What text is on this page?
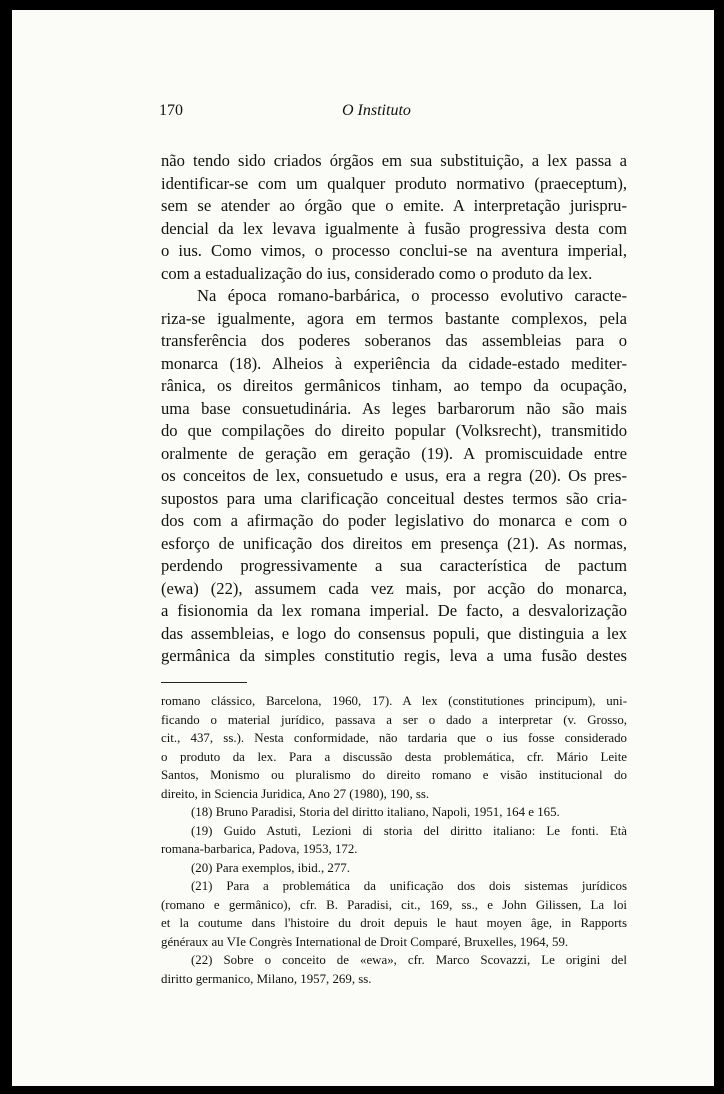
170	O Instituto
não tendo sido criados órgãos em sua substituição, a lex passa a
identificar-se com um qualquer produto normativo (praeceptum),
sem se atender ao órgão que o emite. A interpretação jurispru-
dencial da lex levava igualmente à fusão progressiva desta com
o ius. Como vimos, o processo conclui-se na aventura imperial,
com a estadualização do ius, considerado como o produto da lex.
Na época romano-barbárica, o processo evolutivo caracte-
riza-se igualmente, agora em termos bastante complexos, pela
transferência dos poderes soberanos das assembleias para o
monarca (18). Alheios à experiência da cidade-estado mediter-
rânica, os direitos germânicos tinham, ao tempo da ocupação,
uma base consuetudinária. As leges barbarorum não são mais
do que compilações do direito popular (Volksrecht), transmitido
oralmente de geração em geração (19). A promiscuidade entre
os conceitos de lex, consuetudo e usus, era a regra (20). Os pres-
supostos para uma clarificação conceitual destes termos são cria-
dos com a afirmação do poder legislativo do monarca e com o
esforço de unificação dos direitos em presença (21). As normas,
perdendo progressivamente a sua característica de pactum
(ewa) (22), assumem cada vez mais, por acção do monarca,
a fisionomia da lex romana imperial. De facto, a desvalorização
das assembleias, e logo do consensus populi, que distinguia a lex
germânica da simples constitutio regis, leva a uma fusão destes
romano clássico, Barcelona, 1960, 17). A lex (constitutiones principum), uni-
ficando o material jurídico, passava a ser o dado a interpretar (v. Grosso,
cit., 437, ss.). Nesta conformidade, não tardaria que o ius fosse considerado
o produto da lex. Para a discussão desta problemática, cfr. Mário Leite
Santos, Monismo ou pluralismo do direito romano e visão institucional do
direito, in Sciencia Juridica, Ano 27 (1980), 190, ss.
(18) Bruno Paradisi, Storia del diritto italiano, Napoli, 1951, 164 e 165.
(19) Guido Astuti, Lezioni di storia del diritto italiano: Le fonti. Età
romana-barbarica, Padova, 1953, 172.
(20) Para exemplos, ibid., 277.
(21) Para a problemática da unificação dos dois sistemas jurídicos
(romano e germânico), cfr. B. Paradisi, cit., 169, ss., e John Gilissen, La loi
et la coutume dans l'histoire du droit depuis le haut moyen âge, in Rapports
généraux au VIe Congrès International de Droit Comparé, Bruxelles, 1964, 59.
(22) Sobre o conceito de «ewa», cfr. Marco Scovazzi, Le origini del
diritto germanico, Milano, 1957, 269, ss.
